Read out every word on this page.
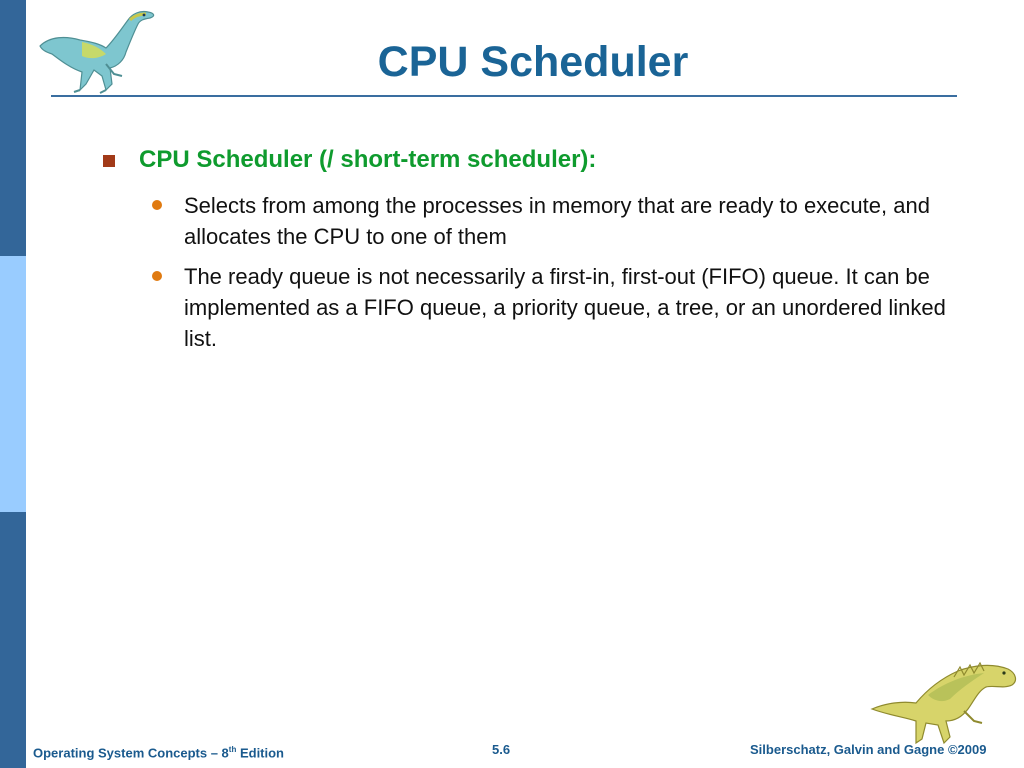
CPU Scheduler
CPU Scheduler (/ short-term scheduler):
Selects from among the processes in memory that are ready to execute, and allocates the CPU to one of them
The ready queue is not necessarily a first-in, first-out (FIFO) queue. It can be implemented as a FIFO queue, a priority queue, a tree, or an unordered linked list.
Operating System Concepts – 8th Edition	5.6	Silberschatz, Galvin and Gagne ©2009
